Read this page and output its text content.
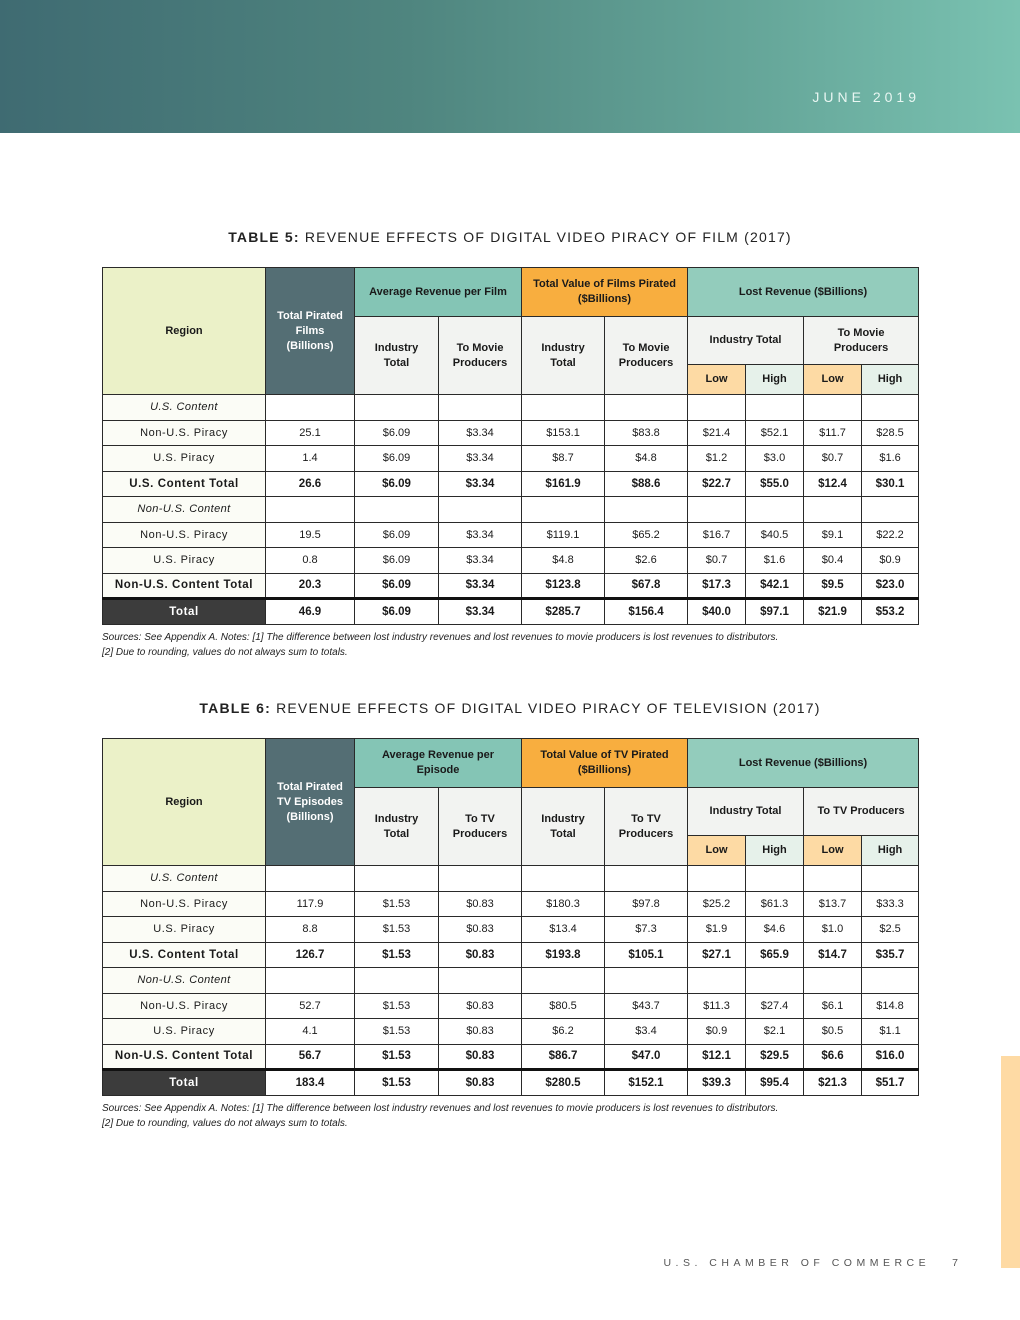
JUNE 2019
TABLE 5: REVENUE EFFECTS OF DIGITAL VIDEO PIRACY OF FILM (2017)
Region	Total Pirated Films (Billions)	Average Revenue per Film		Total Value of Films Pirated ($Billions)		Lost Revenue ($Billions)			
		Industry Total	To Movie Producers	Industry Total	To Movie Producers	Industry Total		To Movie Producers	
						Low	High	Low	High
U.S. Content									
Non-U.S. Piracy	25.1	$6.09	$3.34	$153.1	$83.8	$21.4	$52.1	$11.7	$28.5
U.S. Piracy	1.4	$6.09	$3.34	$8.7	$4.8	$1.2	$3.0	$0.7	$1.6
U.S. Content Total	26.6	$6.09	$3.34	$161.9	$88.6	$22.7	$55.0	$12.4	$30.1
Non-U.S. Content									
Non-U.S. Piracy	19.5	$6.09	$3.34	$119.1	$65.2	$16.7	$40.5	$9.1	$22.2
U.S. Piracy	0.8	$6.09	$3.34	$4.8	$2.6	$0.7	$1.6	$0.4	$0.9
Non-U.S. Content Total	20.3	$6.09	$3.34	$123.8	$67.8	$17.3	$42.1	$9.5	$23.0
Total	46.9	$6.09	$3.34	$285.7	$156.4	$40.0	$97.1	$21.9	$53.2
Sources: See Appendix A. Notes: [1] The difference between lost industry revenues and lost revenues to movie producers is lost revenues to distributors.
[2] Due to rounding, values do not always sum to totals.
TABLE 6: REVENUE EFFECTS OF DIGITAL VIDEO PIRACY OF TELEVISION (2017)
Region	Total Pirated TV Episodes (Billions)	Average Revenue per Episode		Total Value of TV Pirated ($Billions)		Lost Revenue ($Billions)			
		Industry Total	To TV Producers	Industry Total	To TV Producers	Industry Total		To TV Producers	
						Low	High	Low	High
U.S. Content									
Non-U.S. Piracy	117.9	$1.53	$0.83	$180.3	$97.8	$25.2	$61.3	$13.7	$33.3
U.S. Piracy	8.8	$1.53	$0.83	$13.4	$7.3	$1.9	$4.6	$1.0	$2.5
U.S. Content Total	126.7	$1.53	$0.83	$193.8	$105.1	$27.1	$65.9	$14.7	$35.7
Non-U.S. Content									
Non-U.S. Piracy	52.7	$1.53	$0.83	$80.5	$43.7	$11.3	$27.4	$6.1	$14.8
U.S. Piracy	4.1	$1.53	$0.83	$6.2	$3.4	$0.9	$2.1	$0.5	$1.1
Non-U.S. Content Total	56.7	$1.53	$0.83	$86.7	$47.0	$12.1	$29.5	$6.6	$16.0
Total	183.4	$1.53	$0.83	$280.5	$152.1	$39.3	$95.4	$21.3	$51.7
Sources: See Appendix A. Notes: [1] The difference between lost industry revenues and lost revenues to movie producers is lost revenues to distributors.
[2] Due to rounding, values do not always sum to totals.
U.S. CHAMBER OF COMMERCE 7
